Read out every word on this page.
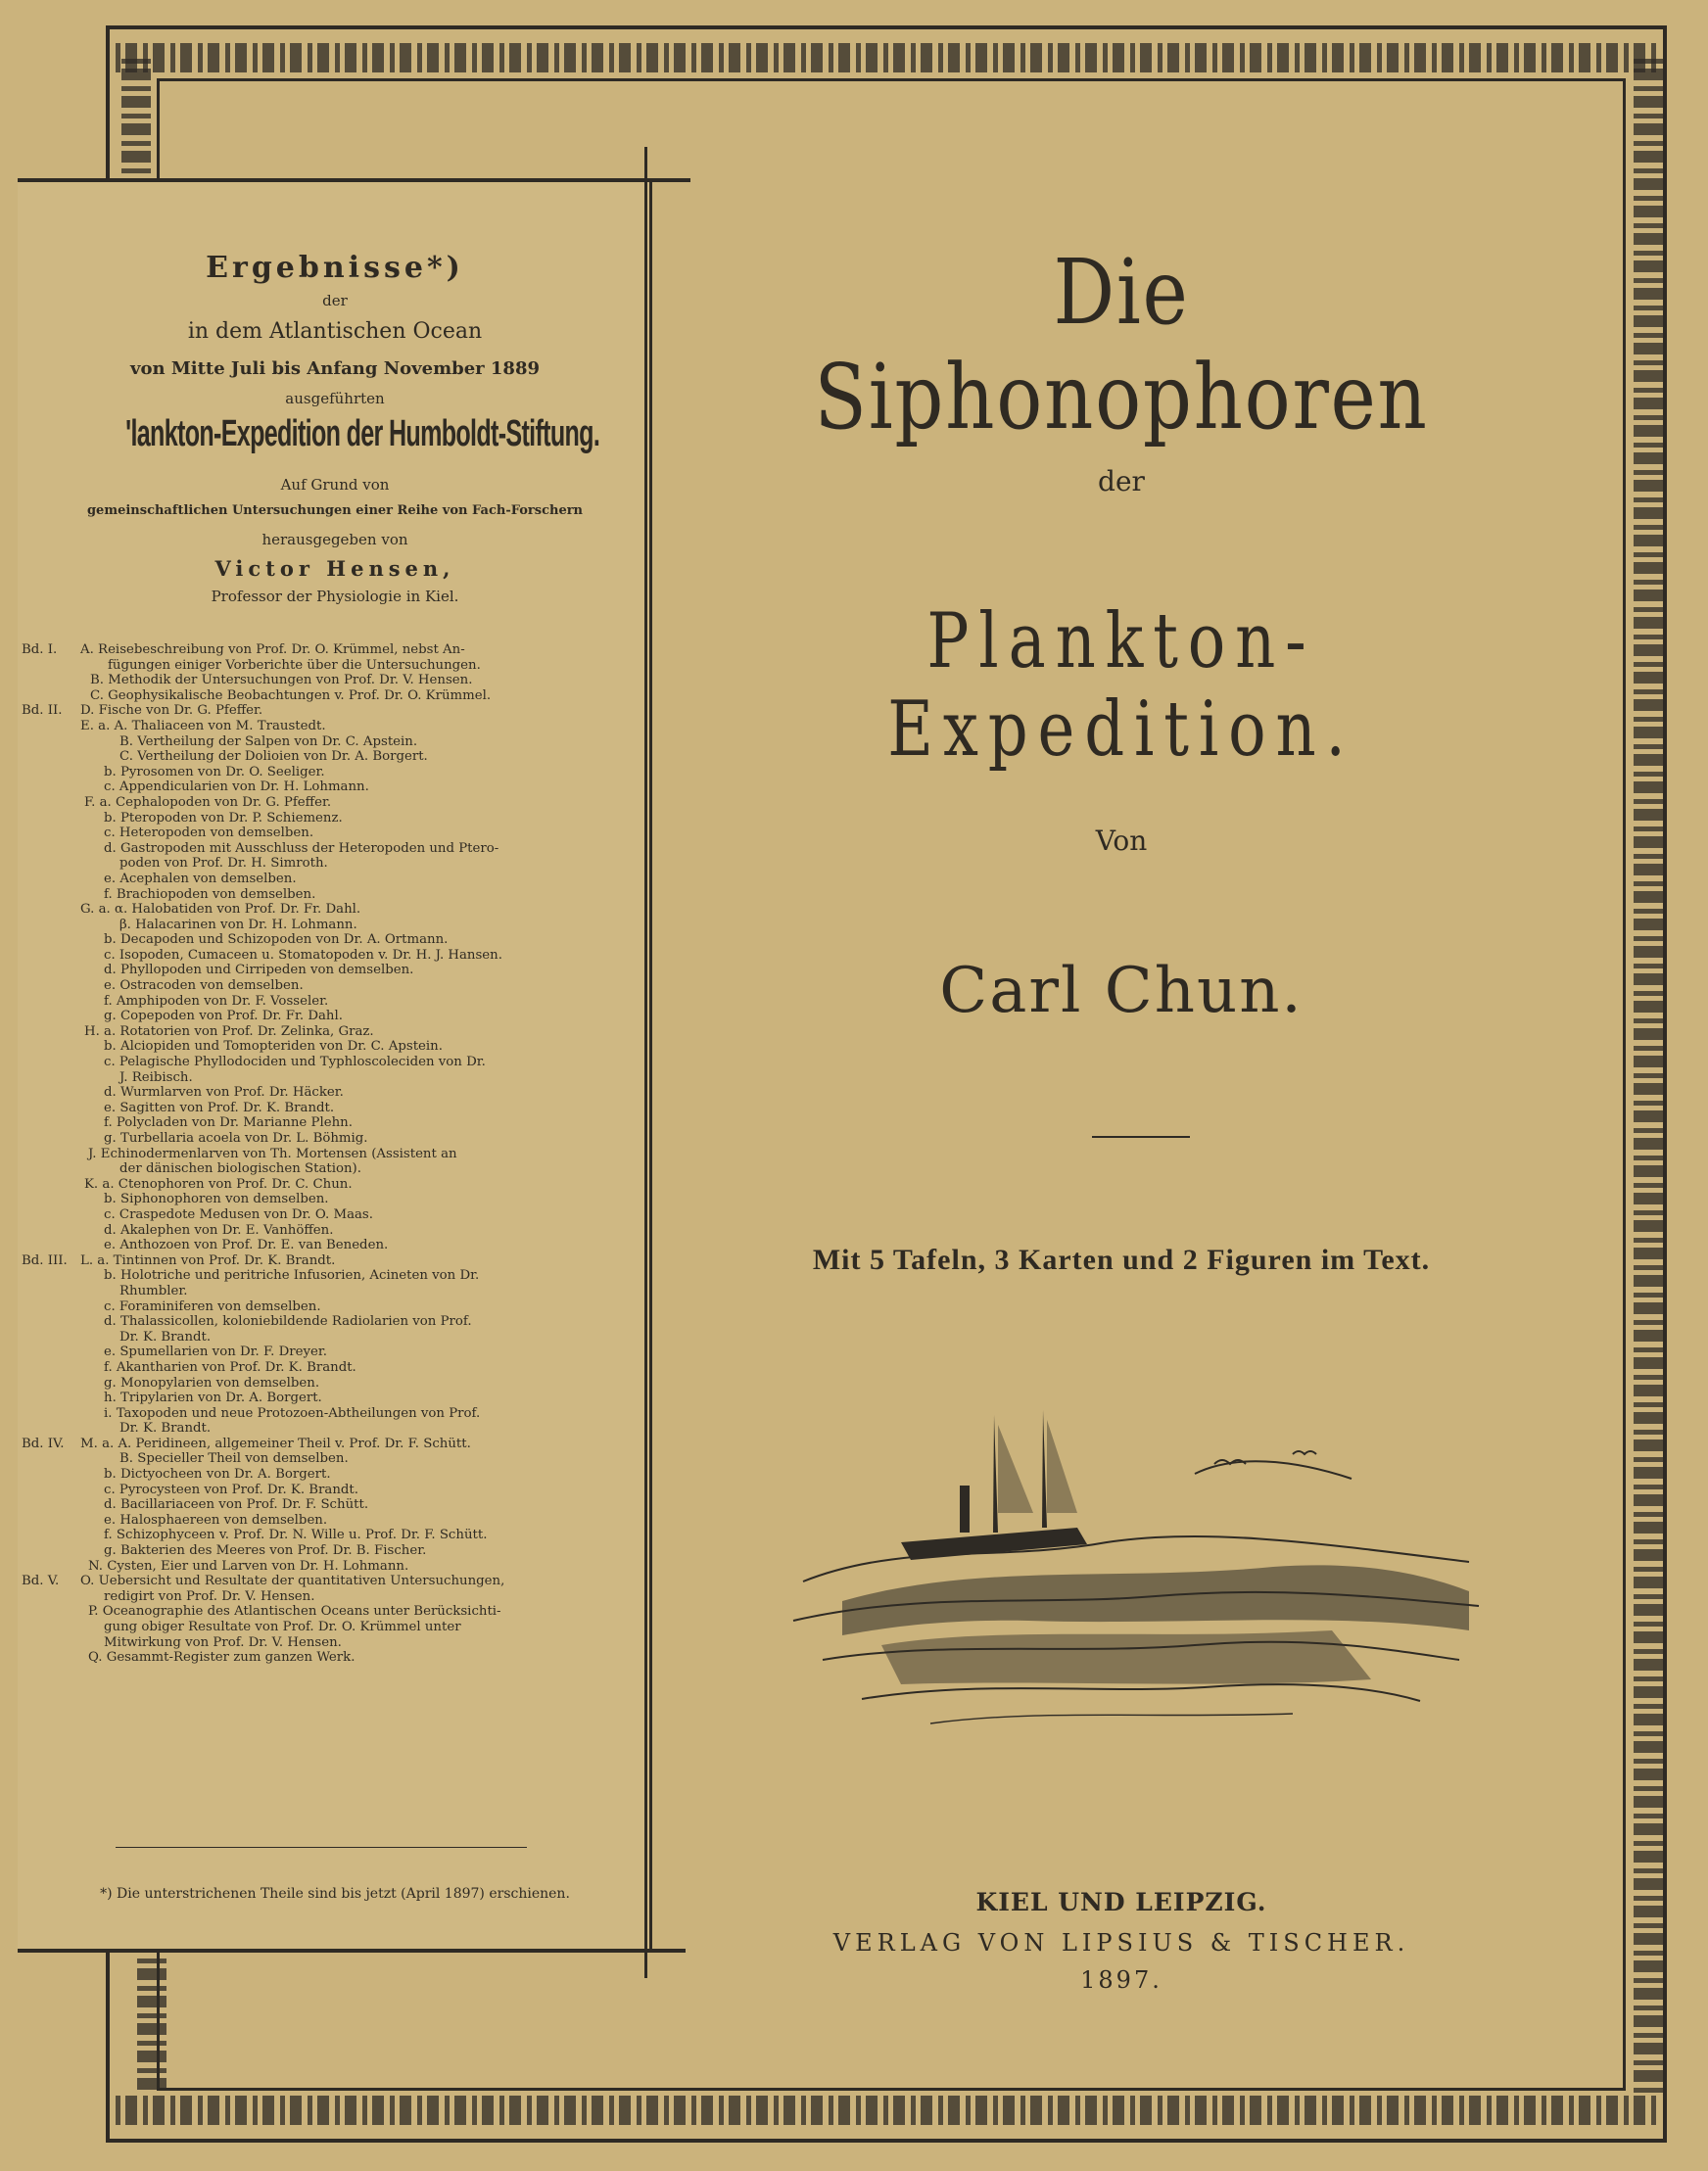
Ergebnisse*)
der
in dem Atlantischen Ocean
von Mitte Juli bis Anfang November 1889
ausgeführten
'lankton-Expedition der Humboldt-Stiftung.
Auf Grund von
gemeinschaftlichen Untersuchungen einer Reihe von Fach-Forschern
herausgegeben von
Victor Hensen,
Professor der Physiologie in Kiel.
Bd. I.	A. Reisebeschreibung von Prof. Dr. O. Krümmel, nebst An-
fügungen einiger Vorberichte über die Untersuchungen.
B. Methodik der Untersuchungen von Prof. Dr. V. Hensen.
C. Geophysikalische Beobachtungen v. Prof. Dr. O. Krümmel.
Bd. II.	D. Fische von Dr. G. Pfeffer.
E. a. A. Thaliaceen von M. Traustedt.
B. Vertheilung der Salpen von Dr. C. Apstein.
C. Vertheilung der Dolioien von Dr. A. Borgert.
b. Pyrosomen von Dr. O. Seeliger.
c. Appendicularien von Dr. H. Lohmann.
F. a. Cephalopoden von Dr. G. Pfeffer.
b. Pteropoden von Dr. P. Schiemenz.
c. Heteropoden von demselben.
d. Gastropoden mit Ausschluss der Heteropoden und Ptero-
poden von Prof. Dr. H. Simroth.
e. Acephalen von demselben.
f. Brachiopoden von demselben.
G. a. α. Halobatiden von Prof. Dr. Fr. Dahl.
β. Halacarinen von Dr. H. Lohmann.
b. Decapoden und Schizopoden von Dr. A. Ortmann.
c. Isopoden, Cumaceen u. Stomatopoden v. Dr. H. J. Hansen.
d. Phyllopoden und Cirripeden von demselben.
e. Ostracoden von demselben.
f. Amphipoden von Dr. F. Vosseler.
g. Copepoden von Prof. Dr. Fr. Dahl.
H. a. Rotatorien von Prof. Dr. Zelinka, Graz.
b. Alciopiden und Tomopteriden von Dr. C. Apstein.
c. Pelagische Phyllodociden und Typhloscoleciden von Dr.
J. Reibisch.
d. Wurmlarven von Prof. Dr. Häcker.
e. Sagitten von Prof. Dr. K. Brandt.
f. Polycladen von Dr. Marianne Plehn.
g. Turbellaria acoela von Dr. L. Böhmig.
J. Echinodermenlarven von Th. Mortensen (Assistent an
der dänischen biologischen Station).
K. a. Ctenophoren von Prof. Dr. C. Chun.
b. Siphonophoren von demselben.
c. Craspedote Medusen von Dr. O. Maas.
d. Akalephen von Dr. E. Vanhöffen.
e. Anthozoen von Prof. Dr. E. van Beneden.
Bd. III. L. a. Tintinnen von Prof. Dr. K. Brandt.
b. Holotriche und peritriche Infusorien, Acineten von Dr.
Rhumbler.
c. Foraminiferen von demselben.
d. Thalassicollen, koloniebildende Radiolarien von Prof.
Dr. K. Brandt.
e. Spumellarien von Dr. F. Dreyer.
f. Akantharien von Prof. Dr. K. Brandt.
g. Monopylarien von demselben.
h. Tripylarien von Dr. A. Borgert.
i. Taxopoden und neue Protozoen-Abtheilungen von Prof.
Dr. K. Brandt.
Bd. IV.	M. a. A. Peridineen, allgemeiner Theil v. Prof. Dr. F. Schütt.
B. Specieller Theil von demselben.
b. Dictyocheen von Dr. A. Borgert.
c. Pyrocysteen von Prof. Dr. K. Brandt.
d. Bacillariaceen von Prof. Dr. F. Schütt.
e. Halosphaereen von demselben.
f. Schizophyceen v. Prof. Dr. N. Wille u. Prof. Dr. F. Schütt.
g. Bakterien des Meeres von Prof. Dr. B. Fischer.
N. Cysten, Eier und Larven von Dr. H. Lohmann.
Bd. V.	O. Uebersicht und Resultate der quantitativen Untersuchungen,
redigirt von Prof. Dr. V. Hensen.
P. Oceanographie des Atlantischen Oceans unter Berücksichti-
gung obiger Resultate von Prof. Dr. O. Krümmel unter
Mitwirkung von Prof. Dr. V. Hensen.
Q. Gesammt-Register zum ganzen Werk.
*) Die unterstrichenen Theile sind bis jetzt (April 1897) erschienen.
Die Siphonophoren
der
Plankton-Expedition.
Von
Carl Chun.
Mit 5 Tafeln, 3 Karten und 2 Figuren im Text.
KIEL UND LEIPZIG.
VERLAG VON LIPSIUS & TISCHER.
1897.
